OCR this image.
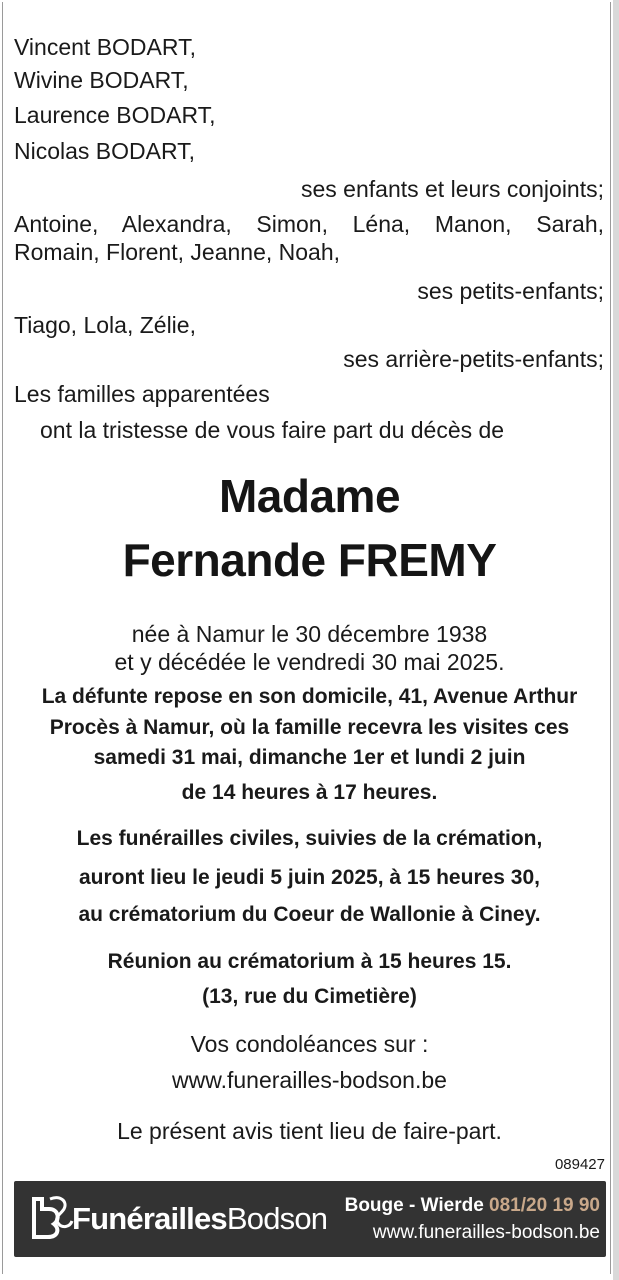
Vincent BODART,
Wivine BODART,
Laurence BODART,
Nicolas BODART,
ses enfants et leurs conjoints;
Antoine, Alexandra, Simon, Léna, Manon, Sarah,
Romain, Florent, Jeanne, Noah,
ses petits-enfants;
Tiago, Lola, Zélie,
ses arrière-petits-enfants;
Les familles apparentées
ont la tristesse de vous faire part du décès de
Madame
Fernande FREMY
née à Namur le 30 décembre 1938
et y décédée le vendredi 30 mai 2025.
La défunte repose en son domicile, 41, Avenue Arthur
Procès à Namur, où la famille recevra les visites ces
samedi 31 mai, dimanche 1er et lundi 2 juin
de 14 heures à 17 heures.
Les funérailles civiles, suivies de la crémation,
auront lieu le jeudi 5 juin 2025, à 15 heures 30,
au crématorium du Coeur de Wallonie à Ciney.
Réunion au crématorium à 15 heures 15.
(13, rue du Cimetière)
Vos condoléances sur :
www.funerailles-bodson.be
Le présent avis tient lieu de faire-part.
089427
FunéraillesBodson Bouge - Wierde 081/20 19 90
www.funerailles-bodson.be
